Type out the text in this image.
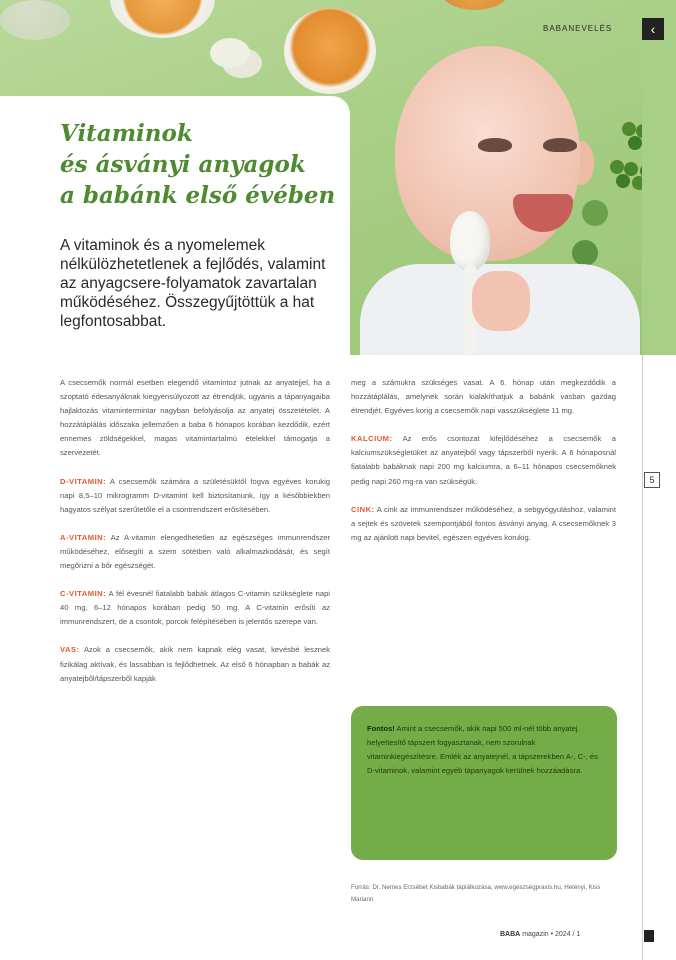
BABANEVELÉS	‹
5
Vitaminok
és ásványi anyagok
a babánk első évében

A vitaminok és a nyomelemek nélkülözhetetlenek a fejlődés, valamint az anyagcsere-folyamatok zavartalan működéséhez. Összegyűjtöttük a hat legfontosabbat.

A csecsemők normál esetben elegendő vitamintoz jutnak az anyatejjel, ha a szoptató édesanyáknak kiegyensúlyozott az étrendjük, ugyanis a tápanyagaiba hajlaktozás vitamintermintar nagyban befolyásolja az anyatej összetételét. A hozzátáplálás időszaka jellemzően a baba 6 hónapos korában kezdődik, ezért ennemes zöldségekkel, magas vitamintartalmú ételekkel támogatja a szervezetét.

D-VITAMIN: A csecsemők számára a születésüktől fogva egyéves korukig napi 8,5–10 mikrogramm D-vitamint kell biztosítanunk, így a későbbiekben hagyatos szélyat szerűtetőle el a csontrendszert erősítésében.

A-VITAMIN: Az A-vitamin elengedhetetlen az egészséges immunrendszer működéséhez, elősegíti a szem sötétben való alkalmazkodását, és segít megőrizni a bőr egészségét.

C-VITAMIN: A fél évesnél fiatalabb babák átlagos C-vitamin szükséglete napi 40 mg, 6–12 hónapos korában pedig 50 mg. A C-vitamin erősíti az immunrendszert, de a csontok, porcok felépítésében is jelentős szerepe van.

VAS: Azok a csecsemők, akik nem kapnak elég vasat, kevésbé lesznek fizikálag aktívak, és lassabban is fejlődhetnek. Az első 6 hónapban a babák az anyatejből/tápszerből kapják

meg a számukra szükséges vasat. A 6. hónap után megkezdődik a hozzátáplálás, amelynek során kialakíthatjuk a babánk vasban gazdag étrendjét. Egyéves korig a csecsemők napi vasszükséglete 11 mg.

KALCIUM: Az erős csontozat kifejlődéséhez a csecsemők a kalciumszükségletüket az anyatejből vagy tápszerből nyerik. A 6 hónaposnál fiatalabb babáknak napi 200 mg kalciumra, a 6–11 hónapos csecsemőknek pedig napi 260 mg-ra van szükségük.

CINK: A cink az immunrendszer működéséhez, a sebgyógyuláshoz, valamint a sejtek és szövetek szempontjából fontos ásványi anyag. A csecsemőknek 3 mg az ajánlott napi bevitel, egészen egyéves korukig.

Fontos! Amint a csecsemők, akik napi 500 ml-nél több anyatej helyettesítő tápszert fogyasztanak, nem szorulnak vitaminkiegészítésre. Emlék az anyatejnél, a tápszerekben A-, C-, és D-vitaminok, valamint egyéb tápanyagok kerülnek hozzáadásra.

Forrás: Dr. Nemes Erzsébet Kisbabák táplálkozása, www.egészségpraxis.hu, Hetényi, Kiss Mariann

BABA magazin • 2024 / 1
